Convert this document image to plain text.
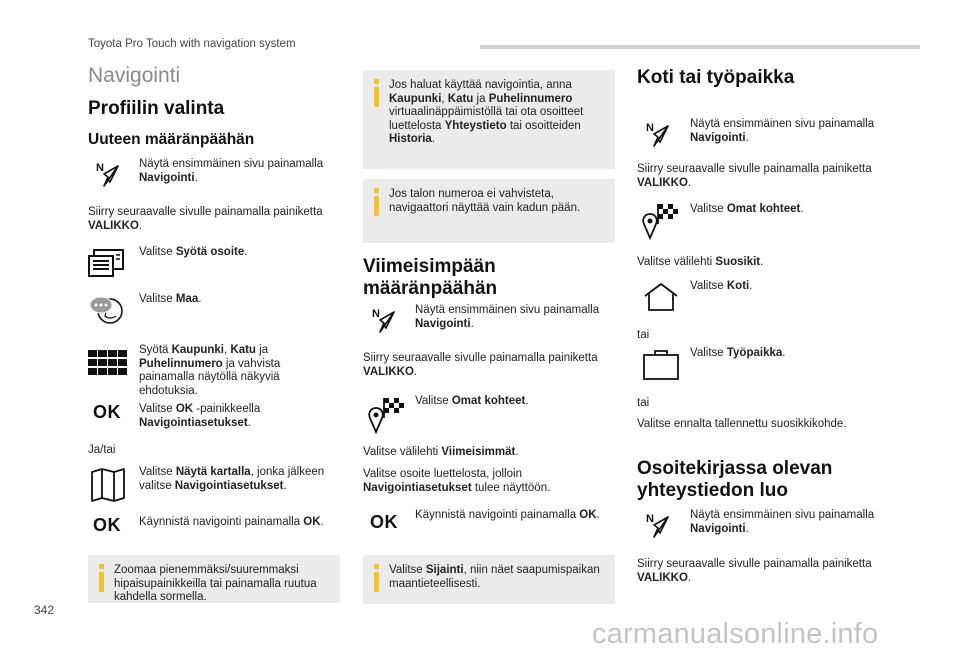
Toyota Pro Touch with navigation system
Navigointi
Profiilin valinta
Uuteen määränpäähän
N	Näytä ensimmäinen sivu painamalla Navigointi.
Siirry seuraavalle sivulle painamalla painiketta VALIKKO.
Valitse Syötä osoite.
Valitse Maa.
Syötä Kaupunki, Katu ja Puhelinnumero ja vahvista painamalla näytöllä näkyviä ehdotuksia.
OK Valitse OK -painikkeella Navigointiasetukset.
Ja/tai
Valitse Näytä kartalla, jonka jälkeen valitse Navigointiasetukset.
OK Käynnistä navigointi painamalla OK.
Zoomaa pienemmäksi/suuremmaksi hipaisupainikkeilla tai painamalla ruutua kahdella sormella.
Jos haluat käyttää navigointia, anna Kaupunki, Katu ja Puhelinnumero virtuaalinäppäimistöllä tai ota osoitteet luettelosta Yhteystieto tai osoitteiden Historia.
Jos talon numeroa ei vahvisteta, navigaattori näyttää vain kadun pään.
Viimeisimpään
määränpäähän
N	Näytä ensimmäinen sivu painamalla Navigointi.
Siirry seuraavalle sivulle painamalla painiketta VALIKKO.
Valitse Omat kohteet.
Valitse välilehti Viimeisimmät.
Valitse osoite luettelosta, jolloin Navigointiasetukset tulee näyttöön.
OK Käynnistä navigointi painamalla OK.
Valitse Sijainti, niin näet saapumispaikan maantieteellisesti.
Koti tai työpaikka
N	Näytä ensimmäinen sivu painamalla Navigointi.
Siirry seuraavalle sivulle painamalla painiketta VALIKKO.
Valitse Omat kohteet.
Valitse välilehti Suosikit.
Valitse Koti.
tai
Valitse Työpaikka.
tai
Valitse ennalta tallennettu suosikkikohde.
Osoitekirjassa olevan
yhteystiedon luo
N	Näytä ensimmäinen sivu painamalla Navigointi.
Siirry seuraavalle sivulle painamalla painiketta VALIKKO.
342
carmanualsonline.info
